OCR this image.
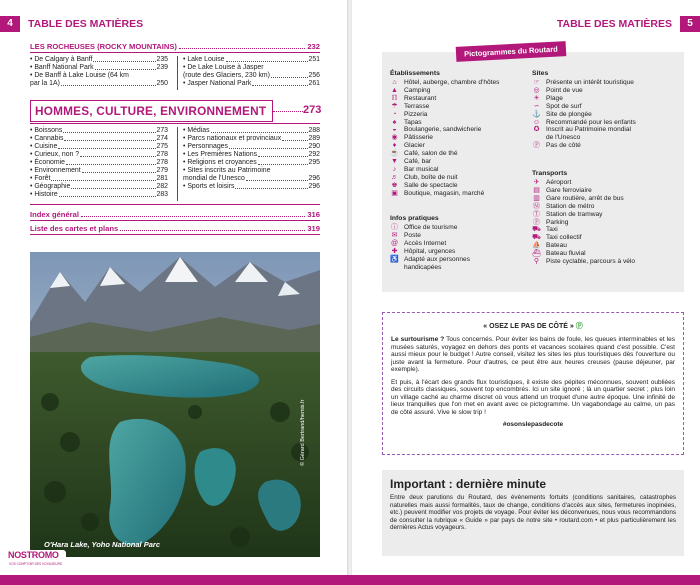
4	TABLE DES MATIÈRES
LES ROCHEUSES (ROCKY MOUNTAINS)	232
• De Calgary à Banff	235
• Banff National Park	239
• De Banff à Lake Louise (64 km
par la 1A)	250
• Lake Louise	251
• De Lake Louise à Jasper
(route des Glaciers, 230 km)	256
• Jasper National Park	261
HOMMES, CULTURE, ENVIRONNEMENT	273
• Boissons	273
• Cannabis	274
• Cuisine	275
• Curieux, non ?	278
• Économie	278
• Environnement	279
• Forêt	281
• Géographie	282
• Histoire	283
• Médias	288
• Parcs nationaux et provinciaux	289
• Personnages	290
• Les Premières Nations	292
• Religions et croyances	295
• Sites inscrits au Patrimoine
mondial de l'Unesco	296
• Sports et loisirs	296
Index général	316
Liste des cartes et plans	319
O'Hara Lake, Yoho National Parc
© Gérard Bertrand/hemis.fr
NOSTROMO
VOS COMPTOIR DES VOYAGEURS
TABLE DES MATIÈRES	5
Pictogrammes du Routard
Établissements
⌂	Hôtel, auberge, chambre d'hôtes
▲ Camping
ℿ Restaurant
☂ Terrasse
◔	Pizzeria
♠	Tapas
◒	Boulangerie, sandwicherie
◉ Pâtisserie
♦	Glacier
☕ Café, salon de thé
▼ Café, bar
♪	Bar musical
♬ Club, boîte de nuit
♚ Salle de spectacle
▣ Boutique, magasin, marché
Infos pratiques
ⓘ Office de tourisme
✉ Poste
@ Accès Internet
✚ Hôpital, urgences
♿ Adapté aux personnes
handicapées
Sites
☞ Présente un intérêt touristique
◎ Point de vue
☀ Plage
∽ Spot de surf
⚓ Site de plongée
☺ Recommandé pour les enfants
✪ Inscrit au Patrimoine mondial
de l'Unesco
Ⓟ Pas de côté
Transports
✈ Aéroport
▤ Gare ferroviaire
▥ Gare routière, arrêt de bus
Ⓜ Station de métro
Ⓣ Station de tramway
Ⓟ Parking
⛟ Taxi
⛟ Taxi collectif
⛵ Bateau
⛴ Bateau fluvial
⚲ Piste cyclable, parcours à vélo
« OSEZ LE PAS DE CÔTÉ » Ⓟ

Le surtourisme ? Tous concernés. Pour éviter les bains de foule, les queues interminables et les musées saturés, voyagez en dehors des ponts et vacances scolaires quand c'est possible. C'est aussi mieux pour le budget ! Autre conseil, visitez les sites les plus touristiques dès l'ouverture ou juste avant la fermeture. Pour d'autres, ce peut être aux heures creuses (pause déjeuner, par exemple).

Et puis, à l'écart des grands flux touristiques, il existe des pépites méconnues, souvent oubliées des circuits classiques, souvent top encombrés. Ici un site ignoré ; là un quartier secret ; plus loin un village caché au charme discret où vous attend un troquet d'une autre époque. Une infinité de lieux tranquilles que l'on met en avant avec ce pictogramme. Un vagabondage au calme, un pas de côté assuré. Vive le slow trip !

#osonslepasdecote
Important : dernière minute

Entre deux parutions du Routard, des événements fortuits (conditions sanitaires, catastrophes naturelles mais aussi formalités, taux de change, conditions d'accès aux sites, fermetures inopinées, etc.) peuvent modifier vos projets de voyage. Pour éviter les déconvenues, nous vous recommandons de consulter la rubrique « Guide » par pays de notre site • routard.com • et plus particulièrement les dernières Actus voyageurs.
